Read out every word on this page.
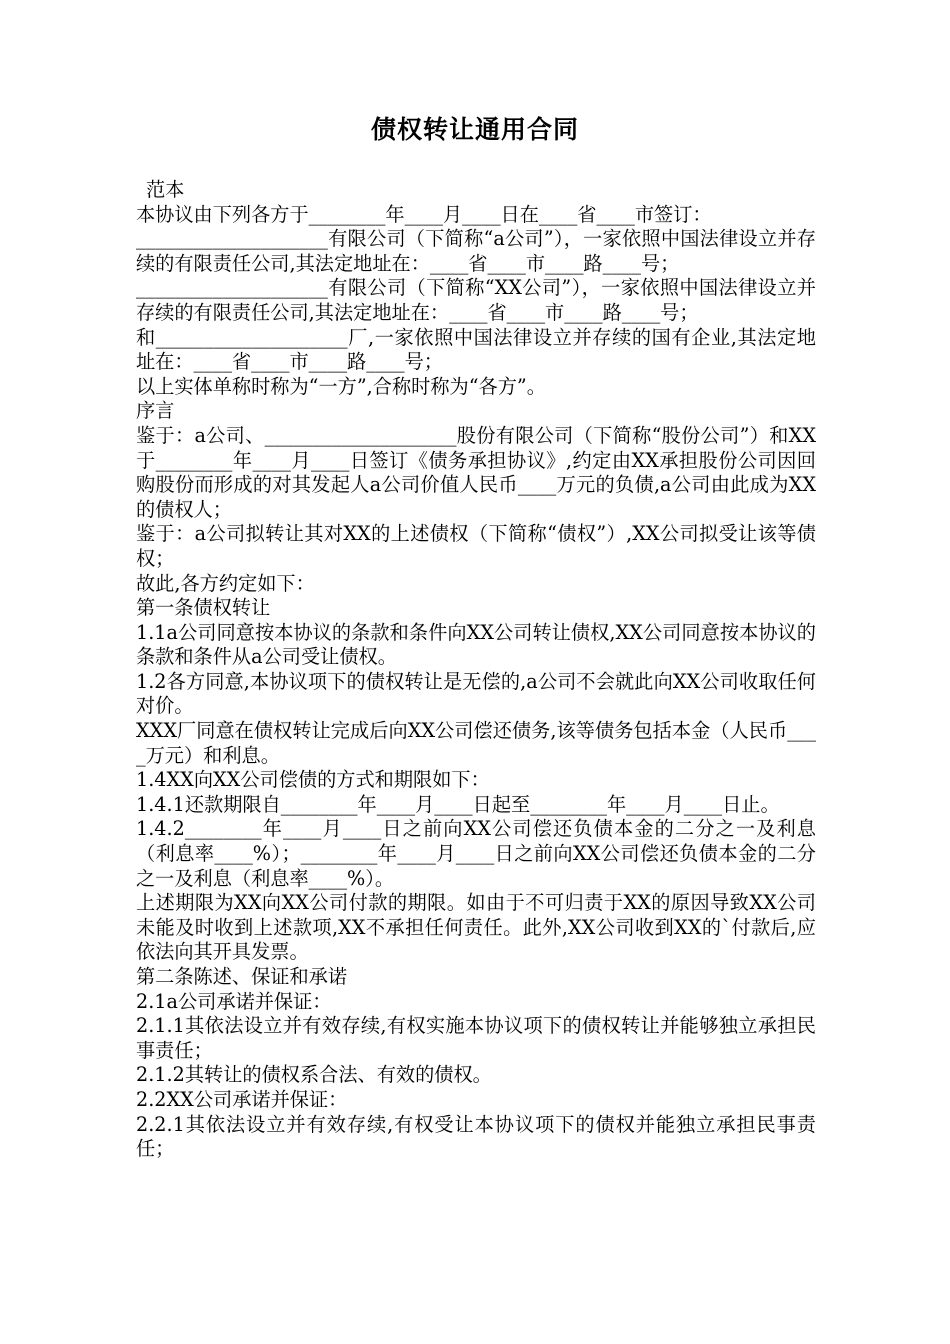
债权转让通用合同

范本

本协议由下列各方于________年____月____日在____省____市签订：

____________________有限公司（下简称“a公司”），一家依照中国法律设立并存续的有限责任公司,其法定地址在：____省____市____路____号；

____________________有限公司（下简称“XX公司”），一家依照中国法律设立并存续的有限责任公司,其法定地址在：____省____市____路____号；

和____________________厂,一家依照中国法律设立并存续的国有企业,其法定地址在：____省____市____路____号；

以上实体单称时称为“一方”,合称时称为“各方”。

序言

鉴于：a公司、____________________股份有限公司（下简称“股份公司”）和XX于________年____月____日签订《债务承担协议》,约定由XX承担股份公司因回购股份而形成的对其发起人a公司价值人民币____万元的负债,a公司由此成为XX的债权人；

鉴于：a公司拟转让其对XX的上述债权（下简称“债权”）,XX公司拟受让该等债权；

故此,各方约定如下：

第一条债权转让

1.1a公司同意按本协议的条款和条件向XX公司转让债权,XX公司同意按本协议的条款和条件从a公司受让债权。

1.2各方同意,本协议项下的债权转让是无偿的,a公司不会就此向XX公司收取任何对价。

XXX厂同意在债权转让完成后向XX公司偿还债务,该等债务包括本金（人民币____万元）和利息。

1.4XX向XX公司偿债的方式和期限如下：

1.4.1还款期限自________年____月____日起至________年____月____日止。

1.4.2________年____月____日之前向XX公司偿还负债本金的二分之一及利息（利息率____%）；________年____月____日之前向XX公司偿还负债本金的二分之一及利息（利息率____%）。

上述期限为XX向XX公司付款的期限。如由于不可归责于XX的原因导致XX公司未能及时收到上述款项,XX不承担任何责任。此外,XX公司收到XX的`付款后,应依法向其开具发票。

第二条陈述、保证和承诺

2.1a公司承诺并保证：

2.1.1其依法设立并有效存续,有权实施本协议项下的债权转让并能够独立承担民事责任；

2.1.2其转让的债权系合法、有效的债权。

2.2XX公司承诺并保证：

2.2.1其依法设立并有效存续,有权受让本协议项下的债权并能独立承担民事责任；
